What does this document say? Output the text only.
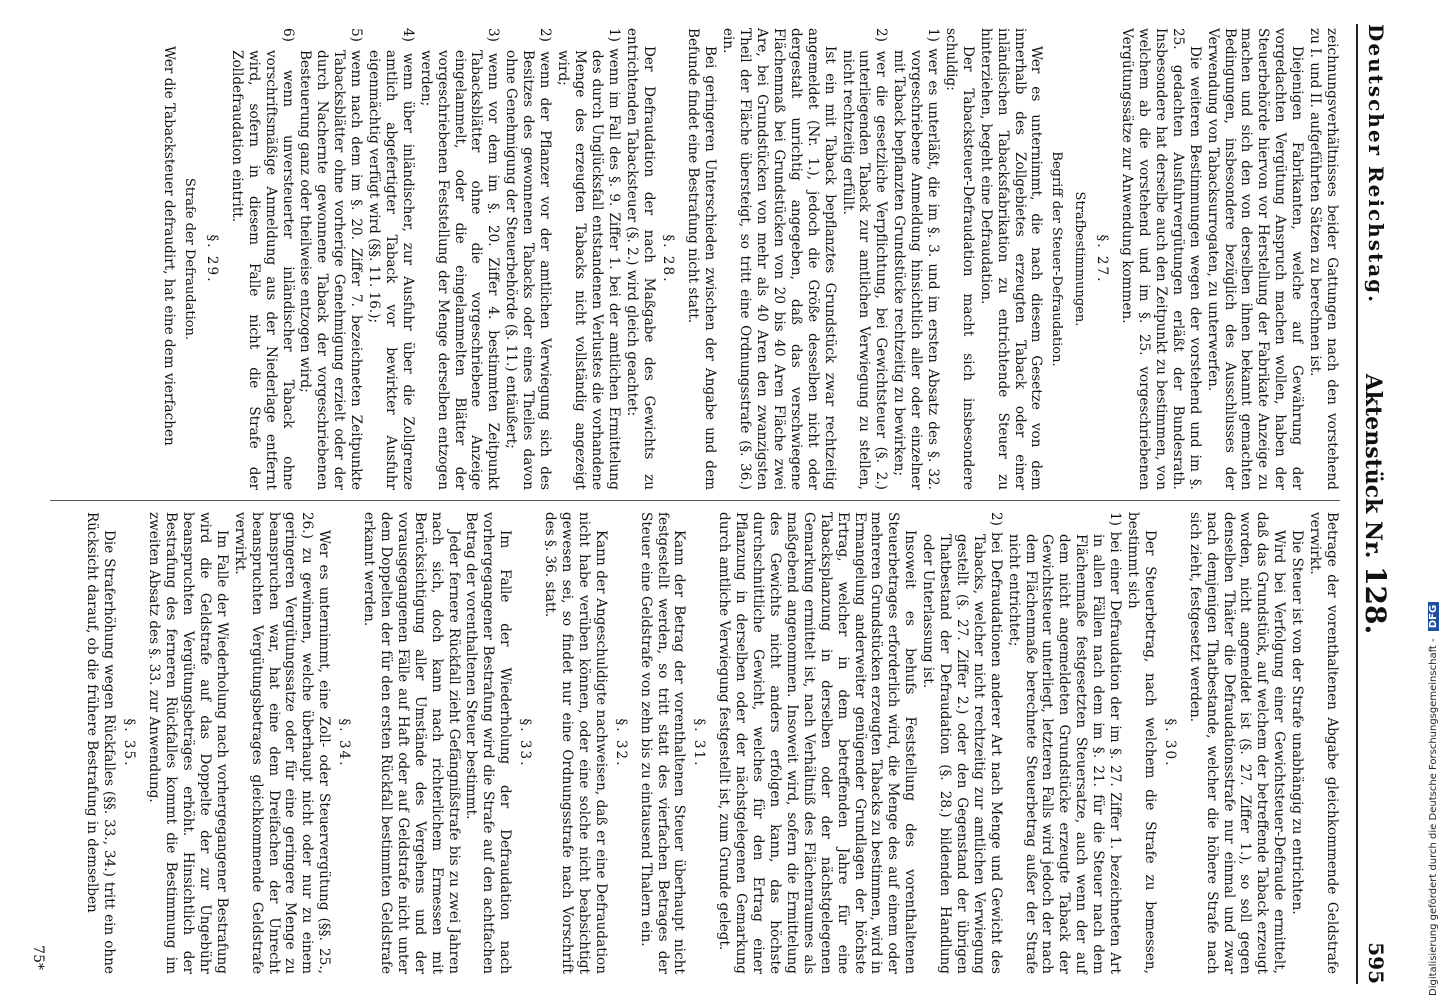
Deutscher Reichstag.
Aktenstück Nr. 128.
595

zeichnungsverhältnisses beider Gattungen nach den vorstehend zu I. und II. aufgeführten Sätzen zu berechnen ist.

Diejenigen Fabrikanten, welche auf Gewährung der vorgedachten Vergütung Anspruch machen wollen, haben der Steuerbehörde hiervon vor Herstellung der Fabrikate Anzeige zu machen und sich den von derselben ihnen bekannt gemachten Bedingungen, insbesondere bezüglich des Ausschlusses der Verwendung von Tabacksurrogaten, zu unterwerfen.

Die weiteren Bestimmungen wegen der vorstehend und im §. 25. gedachten Ausfuhrvergütungen erläßt der Bundesrath. Insbesondere hat derselbe auch den Zeitpunkt zu bestimmen, von welchem ab die vorstehend und im §. 25. vorgeschriebenen Vergütungssätze zur Anwendung kommen.

§. 27.

Strafbestimmungen.

Begriff der Steuer-Defraudation.

Wer es unternimmt, die nach diesem Gesetze von dem innerhalb des Zollgebietes erzeugten Taback oder einer inländischen Tabacksfabrikation zu entrichtende Steuer zu hinterziehen, begeht eine Defraudation.

Der Tabacksteuer-Defraudation macht sich insbesondere schuldig:

1) wer es unterläßt, die im §. 3. und im ersten Absatz des §. 32. vorgeschriebene Anmeldung hinsichtlich aller oder einzelner mit Taback bepflanzten Grundstücke rechtzeitig zu bewirken;

2) wer die gesetzliche Verpflichtung, bei Gewichtsteuer (§. 2.) unterliegenden Taback zur amtlichen Verwiegung zu stellen, nicht rechtzeitig erfüllt.

Ist ein mit Taback bepflanztes Grundstück zwar rechtzeitig angemeldet (Nr. 1.), jedoch die Größe desselben nicht oder dergestalt unrichtig angegeben, daß das verschwiegene Flächenmaß bei Grundstücken von 20 bis 40 Aren Fläche zwei Are, bei Grundstücken von mehr als 40 Aren den zwanzigsten Theil der Fläche übersteigt, so tritt eine Ordnungsstrafe (§. 36.) ein.

Bei geringeren Unterschieden zwischen der Angabe und dem Befunde findet eine Bestrafung nicht statt.

§. 28.

Der Defraudation der nach Maßgabe des Gewichts zu entrichtenden Tabacksteuer (§. 2.) wird gleich geachtet:

1) wenn im Fall des §. 9. Ziffer 1. bei der amtlichen Ermittelung des durch Unglücksfall entstandenen Verlustes die vorhandene Menge des erzeugten Tabacks nicht vollständig angezeigt wird;

2) wenn der Pflanzer vor der amtlichen Verwiegung sich des Besitzes des gewonnenen Tabacks oder eines Theiles davon ohne Genehmigung der Steuerbehörde (§. 11.) entäußert;

3) wenn vor dem im §. 20. Ziffer 4. bestimmten Zeitpunkt Tabacksblätter ohne die vorgeschriebene Anzeige eingelammelt, oder die eingelammelten Blätter der vorgeschriebenen Feststellung der Menge derselben entzogen werden;

4) wenn über inländischer, zur Ausfuhr über die Zollgrenze amtlich abgefertigter Taback vor bewirkter Ausfuhr eigenmächtig verfügt wird (§§. 11. 16.);

5) wenn nach dem im §. 20. Ziffer 7. bezeichneten Zeitpunkte Tabacksblätter ohne vorherige Genehmigung erzielt oder der durch Nachernte gewonnene Taback der vorgeschriebenen Besteuerung ganz oder theilweise entzogen wird;

6) wenn unversteuerter inländischer Taback ohne vorschriftsmäßige Anmeldung aus der Niederlage entfernt wird, sofern in diesem Falle nicht die Strafe der Zolldefraudation eintritt.

§. 29.

Strafe der Defraudation.

Wer die Tabacksteuer defraudirt, hat eine dem vierfachen

Betrage der vorenthaltenen Abgabe gleichkommende Geldstrafe verwirkt.

Die Steuer ist von der Strafe unabhängig zu entrichten.

Wird bei Verfolgung einer Gewichtsteuer-Defraude ermittelt, daß das Grundstück, auf welchem der betreffende Taback erzeugt worden, nicht angemeldet ist (§. 27. Ziffer 1.), so soll gegen denselben Thäter die Defraudationsstrafe nur einmal und zwar nach demjenigen Thatbestande, welcher die höhere Strafe nach sich zieht, festgesetzt werden.

§. 30.

Der Steuerbetrag, nach welchem die Strafe zu bemessen, bestimmt sich

1) bei einer Defraudation der im §. 27. Ziffer 1. bezeichneten Art in allen Fällen nach dem im §. 21. für die Steuer nach dem Flächenmaße festgesetzten Steuersatze, auch wenn der auf dem nicht angemeldeten Grundstücke erzeugte Taback der Gewichtsteuer unterliegt, letzteren Falls wird jedoch der nach dem Flächenmaße berechnete Steuerbetrag außer der Strafe nicht entrichtet;

2) bei Defraudationen anderer Art nach Menge und Gewicht des Tabacks, welcher nicht rechtzeitig zur amtlichen Verwiegung gestellt (§. 27. Ziffer 2.) oder den Gegenstand der übrigen Thatbestand der Defraudation (§. 28.) bildenden Handlung oder Unterlassung ist.

Insoweit es behufs Feststellung des vorenthaltenen Steuerbetrages erforderlich wird, die Menge des auf einem oder mehreren Grundstücken erzeugten Tabacks zu bestimmen, wird in Ermangelung anderweiter genügender Grundlagen der höchste Ertrag, welcher in dem betreffenden Jahre für eine Tabacksplanzung in derselben oder der nächstgelegenen Gemarkung ermittelt ist, nach Verhältniß des Flächenraumes als maßgebend angenommen. Insoweit wird, sofern die Ermittelung des Gewichts nicht anders erfolgen kann, das höchste durchschnittliche Gewicht, welches für den Ertrag einer Pflanzung in derselben oder der nächstgelegenen Gemarkung durch amtliche Verwiegung festgestellt ist, zum Grunde gelegt.

§. 31.

Kann der Betrag der vorenthaltenen Steuer überhaupt nicht festgestellt werden, so tritt statt des vierfachen Betrages der Steuer eine Geldstrafe von zehn bis zu eintausend Thalern ein.

§. 32.

Kann der Angeschuldigte nachweisen, daß er eine Defraudation nicht habe verüben können, oder eine solche nicht beabsichtigt gewesen sei, so findet nur eine Ordnungsstrafe nach Vorschrift des §. 36. statt.

§. 33.

Im Falle der Wiederholung der Defraudation nach vorhergegangener Bestrafung wird die Strafe auf den achtfachen Betrag der vorenthaltenen Steuer bestimmt.

Jeder fernere Rückfall zieht Gefängnißstrafe bis zu zwei Jahren nach sich, doch kann nach richterlichem Ermessen mit Berücksichtigung aller Umstände des Vergehens und der vorausgegangenen Fälle auf Haft oder auf Geldstrafe nicht unter dem Doppelten der für den ersten Rückfall bestimmten Geldstrafe erkannt werden.

§. 34.

Wer es unternimmt, eine Zoll- oder Steuervergütung (§§. 25., 26.) zu gewinnen, welche überhaupt nicht oder nur zu einem geringeren Vergütungssatze oder für eine geringere Menge zu beanspruchen war, hat eine dem Dreifachen der Unrecht beanspruchten Vergütungsbetrages gleichkommende Geldstrafe verwirkt.

Im Falle der Wiederholung nach vorhergegangener Bestrafung wird die Geldstrafe auf das Doppelte der zur Ungebühr beanspruchten Vergütungsbeträges erhöht. Hinsichtlich der Bestrafung des ferneren Rückfalles kommt die Bestimmung im zweiten Absatz des §. 33. zur Anwendung.

§. 35.

Die Straferhöhung wegen Rückfalles (§§. 33., 34.) tritt ein ohne Rücksicht darauf, ob die frühere Bestrafung in demselben

75*	Digitalisierung gefördert durch die Deutsche Forschungsgemeinschaft - DFG
